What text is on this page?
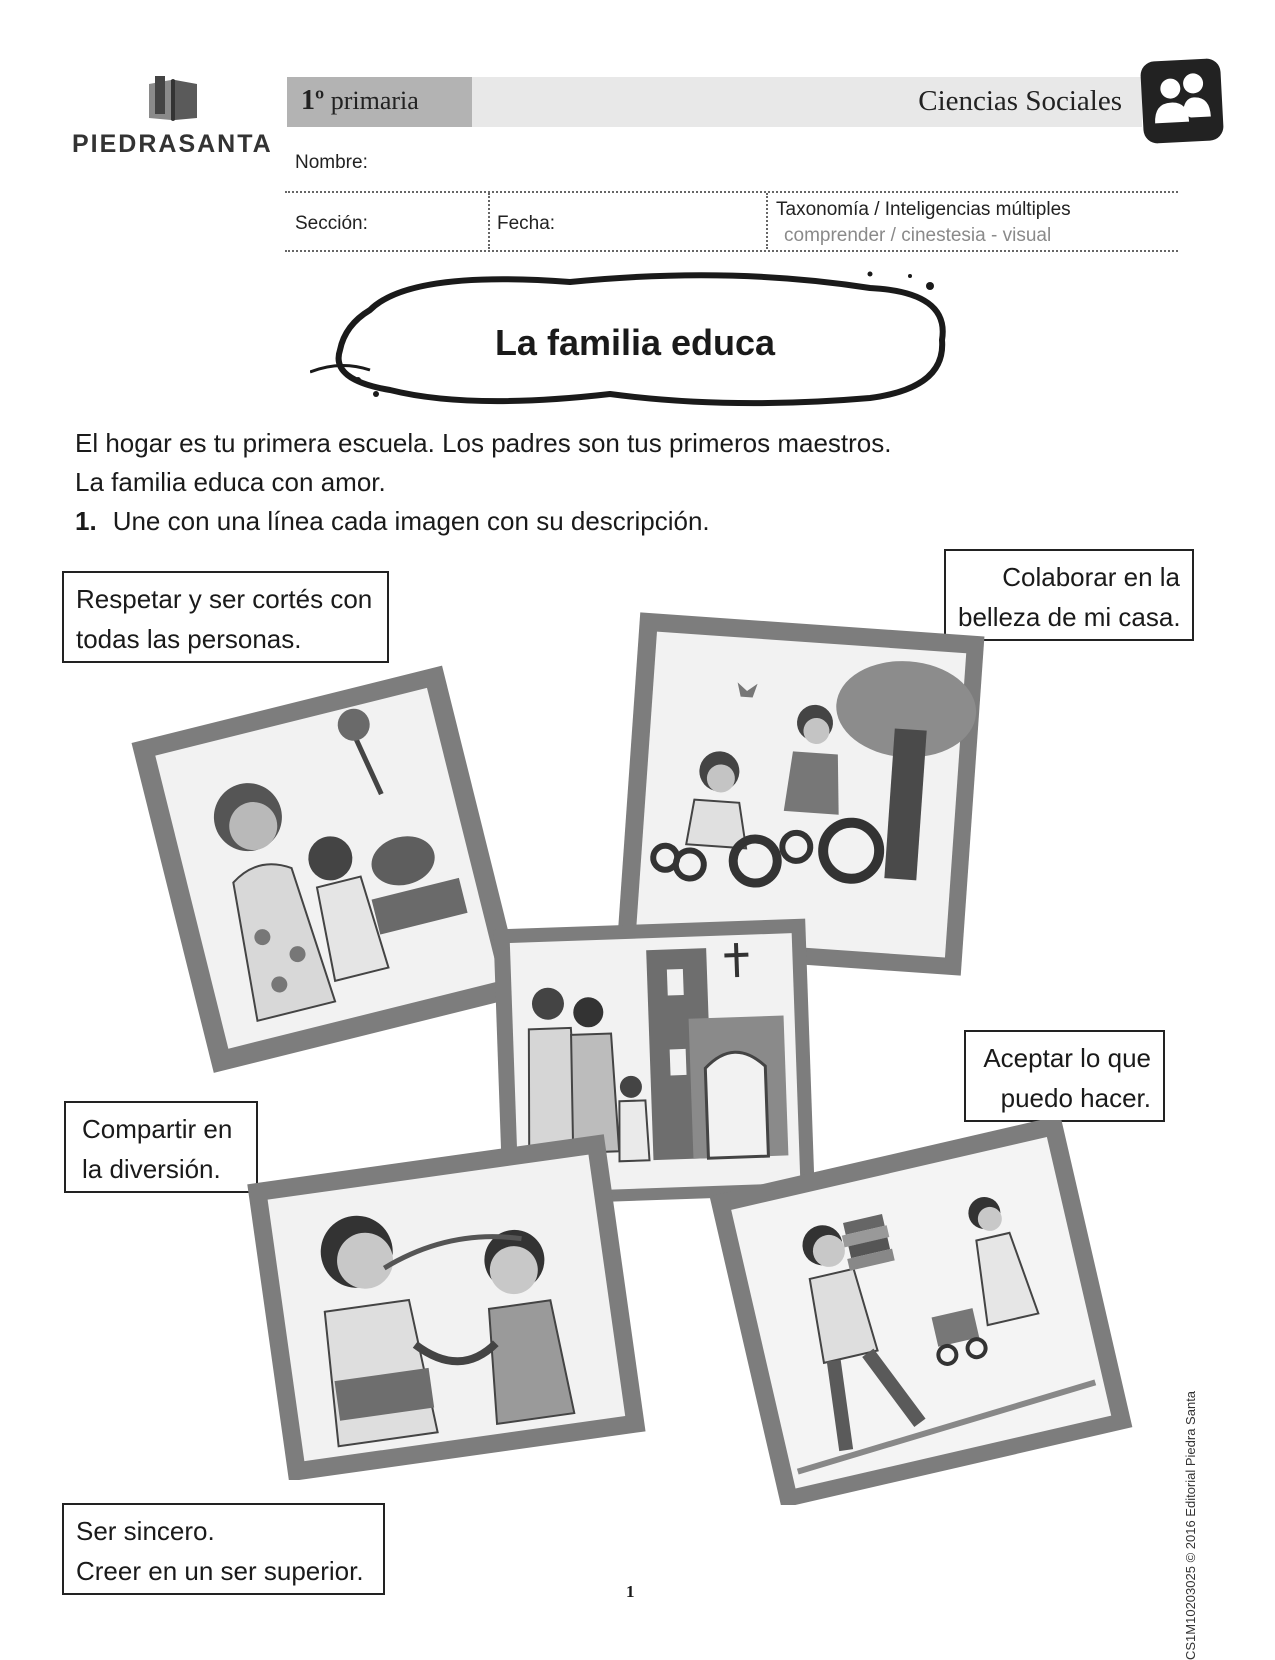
PIEDRASANTA
1º primaria	Ciencias Sociales
Nombre:
Sección:	Fecha:
Taxonomía / Inteligencias múltiples
comprender / cinestesia - visual
La familia educa
El hogar es tu primera escuela. Los padres son tus primeros maestros.
La familia educa con amor.
1. Une con una línea cada imagen con su descripción.
Respetar y ser cortés con
todas las personas.
Colaborar en la
belleza de mi casa.
Compartir en
la diversión.
Aceptar lo que
puedo hacer.
Ser sincero.
Creer en un ser superior.	CS1M10203025 © 2016 Editorial Piedra Santa
1
